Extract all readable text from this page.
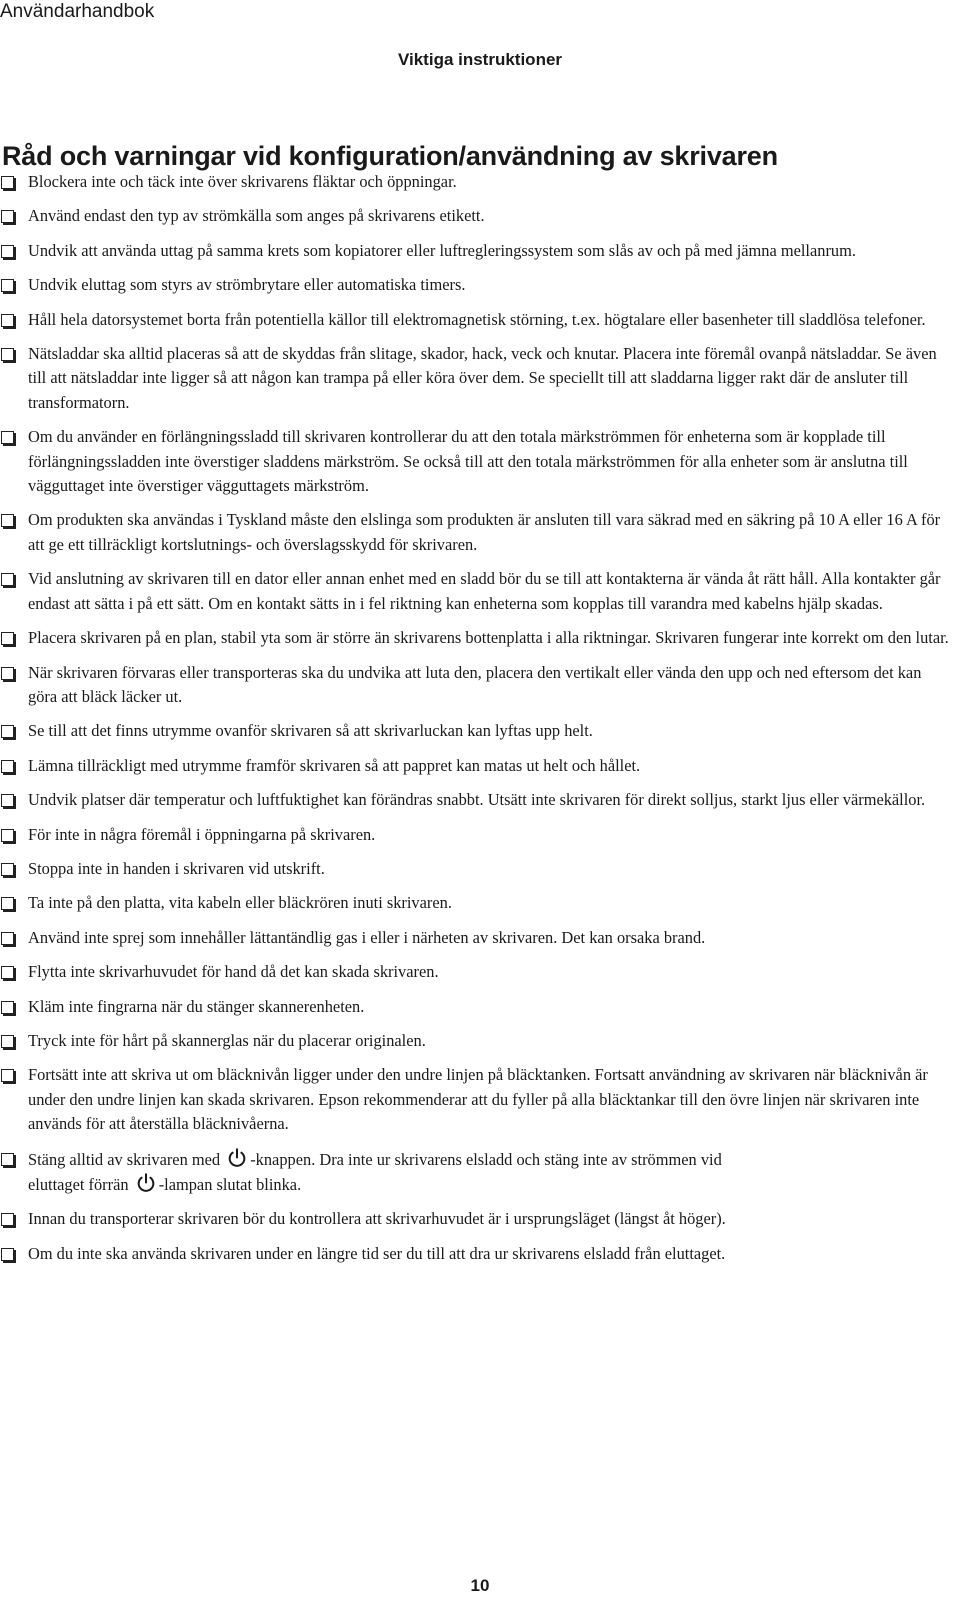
Användarhandbok
Viktiga instruktioner
Råd och varningar vid konfiguration/användning av skrivaren
Blockera inte och täck inte över skrivarens fläktar och öppningar.
Använd endast den typ av strömkälla som anges på skrivarens etikett.
Undvik att använda uttag på samma krets som kopiatorer eller luftregleringssystem som slås av och på med jämna mellanrum.
Undvik eluttag som styrs av strömbrytare eller automatiska timers.
Håll hela datorsystemet borta från potentiella källor till elektromagnetisk störning, t.ex. högtalare eller basenheter till sladdlösa telefoner.
Nätsladdar ska alltid placeras så att de skyddas från slitage, skador, hack, veck och knutar. Placera inte föremål ovanpå nätsladdar. Se även till att nätsladdar inte ligger så att någon kan trampa på eller köra över dem. Se speciellt till att sladdarna ligger rakt där de ansluter till transformatorn.
Om du använder en förlängningssladd till skrivaren kontrollerar du att den totala märkströmmen för enheterna som är kopplade till förlängningssladden inte överstiger sladdens märkström. Se också till att den totala märkströmmen för alla enheter som är anslutna till vägguttaget inte överstiger vägguttagets märkström.
Om produkten ska användas i Tyskland måste den elslinga som produkten är ansluten till vara säkrad med en säkring på 10 A eller 16 A för att ge ett tillräckligt kortslutnings- och överslagsskydd för skrivaren.
Vid anslutning av skrivaren till en dator eller annan enhet med en sladd bör du se till att kontakterna är vända åt rätt håll. Alla kontakter går endast att sätta i på ett sätt. Om en kontakt sätts in i fel riktning kan enheterna som kopplas till varandra med kabelns hjälp skadas.
Placera skrivaren på en plan, stabil yta som är större än skrivarens bottenplatta i alla riktningar. Skrivaren fungerar inte korrekt om den lutar.
När skrivaren förvaras eller transporteras ska du undvika att luta den, placera den vertikalt eller vända den upp och ned eftersom det kan göra att bläck läcker ut.
Se till att det finns utrymme ovanför skrivaren så att skrivarluckan kan lyftas upp helt.
Lämna tillräckligt med utrymme framför skrivaren så att pappret kan matas ut helt och hållet.
Undvik platser där temperatur och luftfuktighet kan förändras snabbt. Utsätt inte skrivaren för direkt solljus, starkt ljus eller värmekällor.
För inte in några föremål i öppningarna på skrivaren.
Stoppa inte in handen i skrivaren vid utskrift.
Ta inte på den platta, vita kabeln eller bläckrören inuti skrivaren.
Använd inte sprej som innehåller lättantändlig gas i eller i närheten av skrivaren. Det kan orsaka brand.
Flytta inte skrivarhuvudet för hand då det kan skada skrivaren.
Kläm inte fingrarna när du stänger skannerenheten.
Tryck inte för hårt på skannerglas när du placerar originalen.
Fortsätt inte att skriva ut om bläcknivån ligger under den undre linjen på bläcktanken. Fortsatt användning av skrivaren när bläcknivån är under den undre linjen kan skada skrivaren. Epson rekommenderar att du fyller på alla bläcktankar till den övre linjen när skrivaren inte används för att återställa bläcknivåerna.
Stäng alltid av skrivaren med -knappen. Dra inte ur skrivarens elsladd och stäng inte av strömmen vid
eluttaget förrän -lampan slutat blinka.
Innan du transporterar skrivaren bör du kontrollera att skrivarhuvudet är i ursprungsläget (längst åt höger).
Om du inte ska använda skrivaren under en längre tid ser du till att dra ur skrivarens elsladd från eluttaget.
10
